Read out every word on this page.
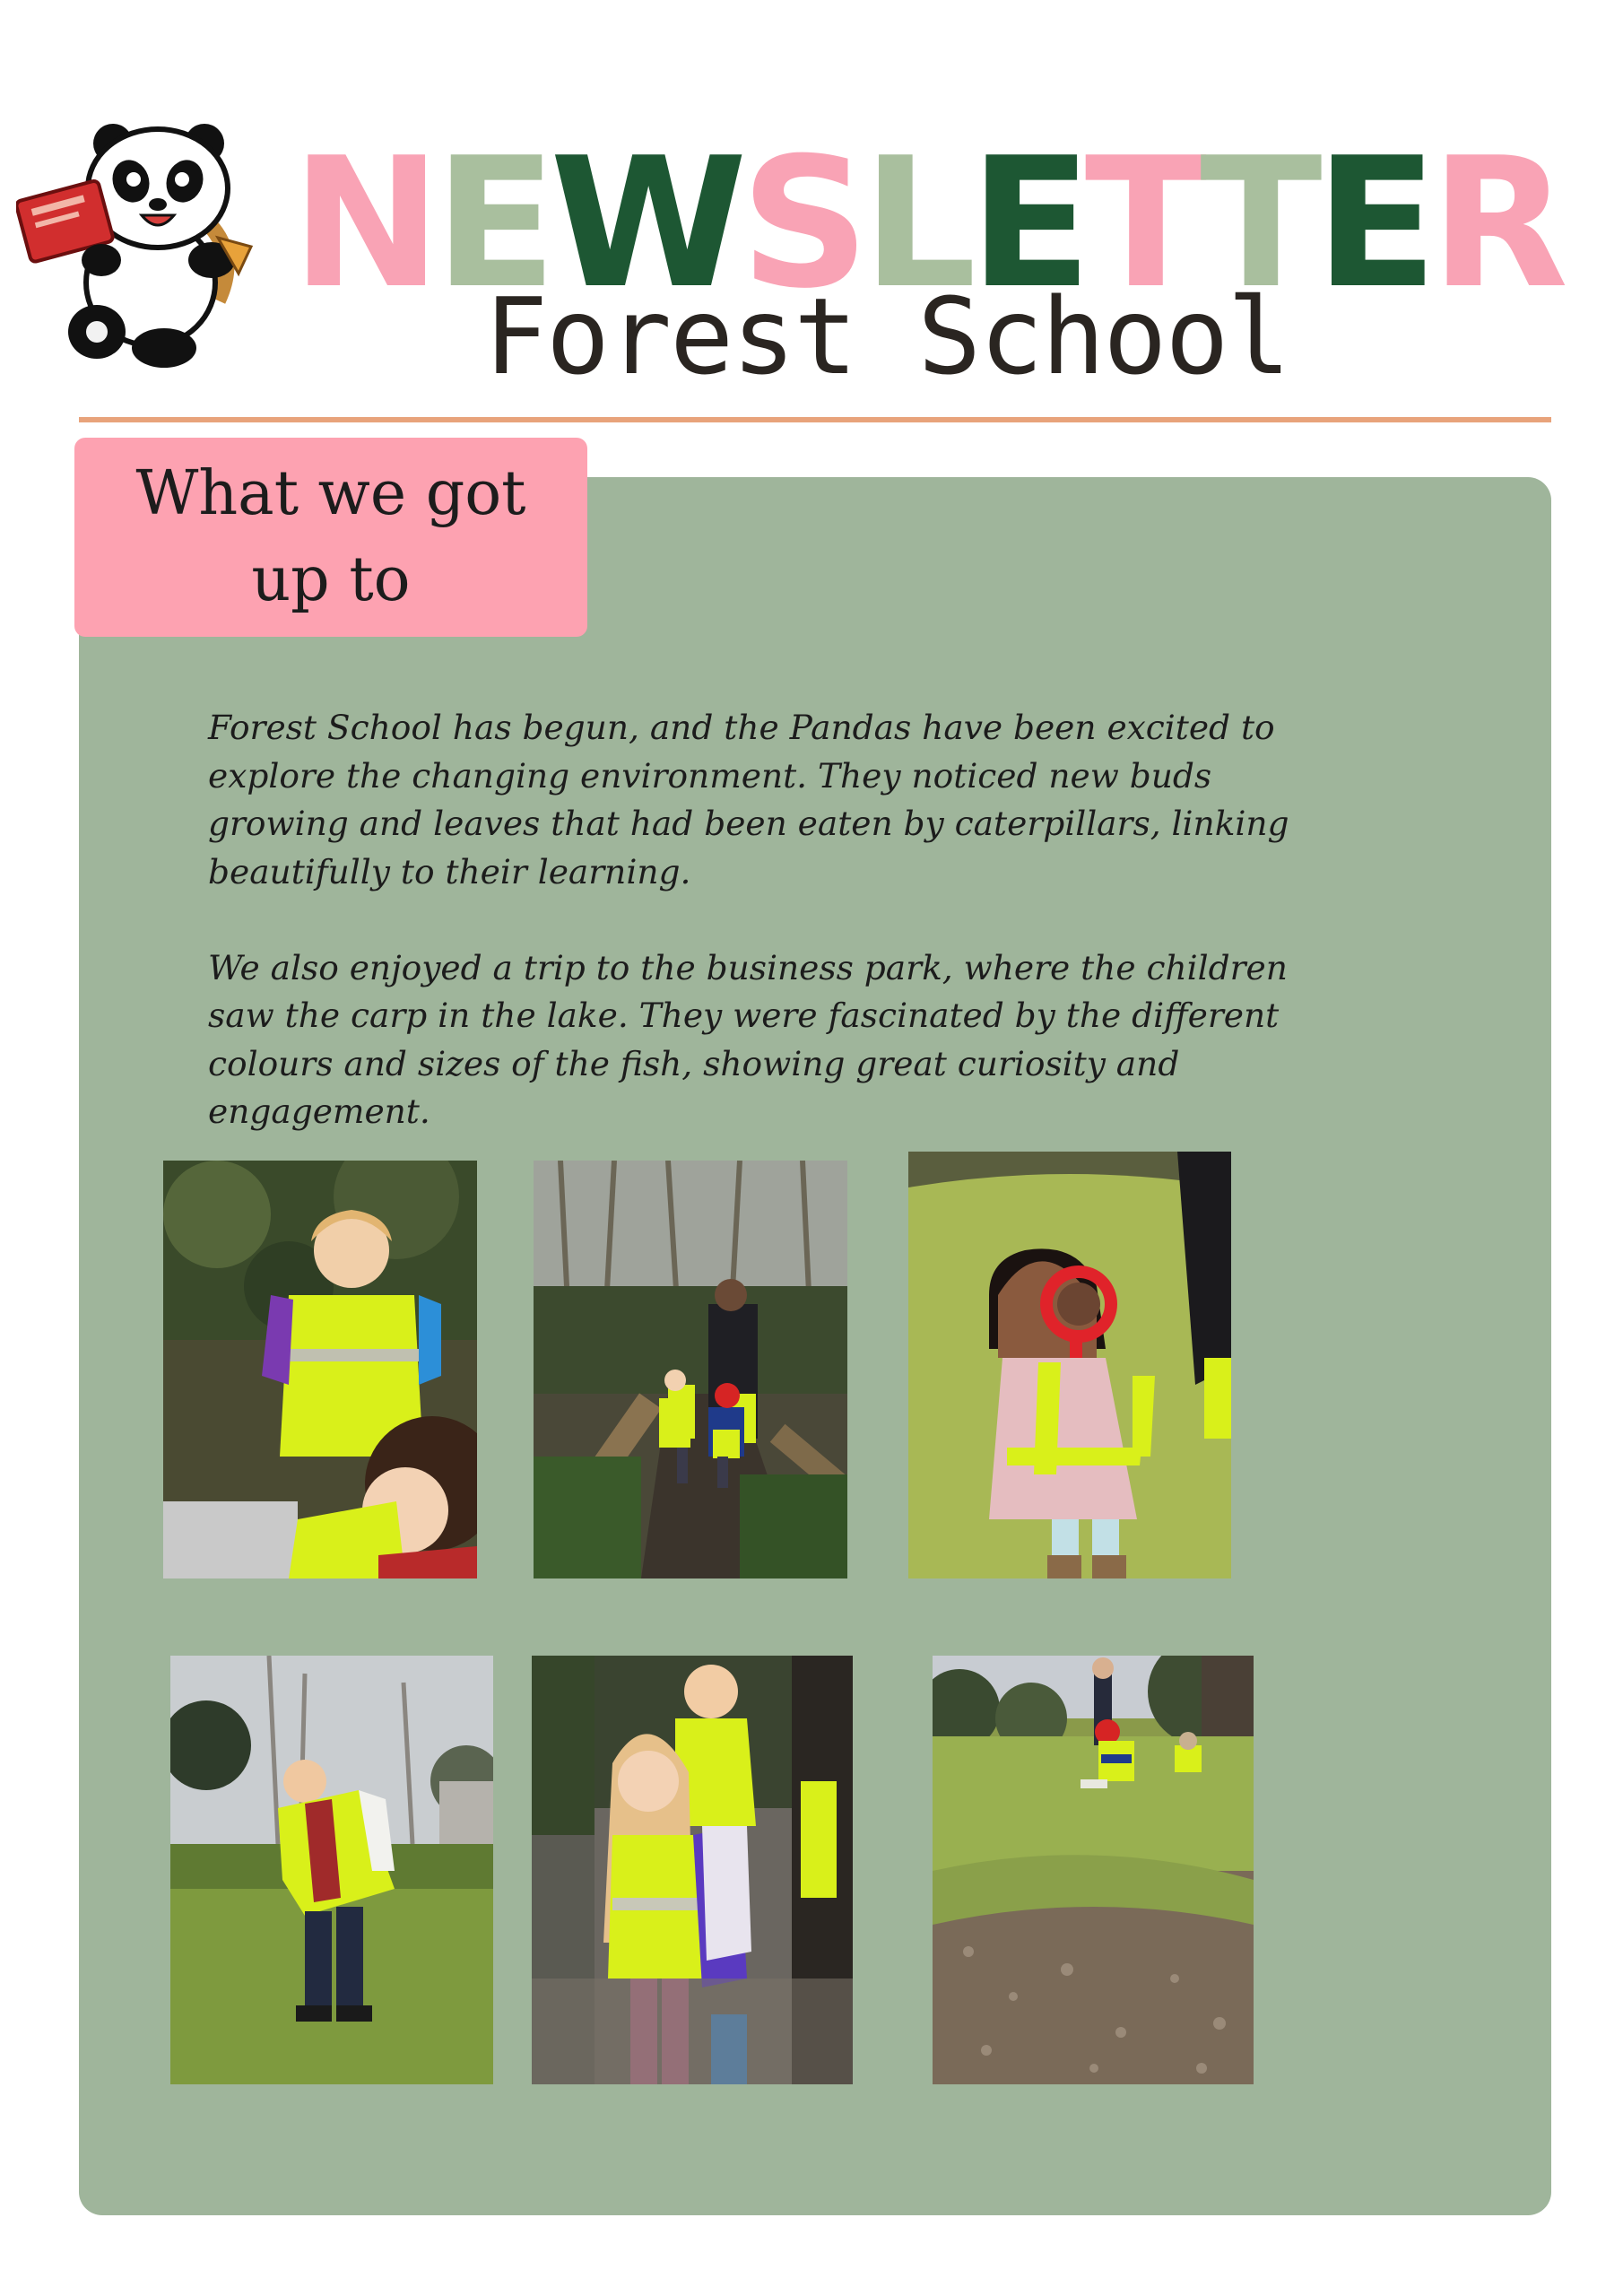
NEWSLETTER
Forest School
What we got
up to

Forest School has begun, and the Pandas have been excited to
explore the changing environment. They noticed new buds
growing and leaves that had been eaten by caterpillars, linking
beautifully to their learning.

We also enjoyed a trip to the business park, where the children
saw the carp in the lake. They were fascinated by the different
colours and sizes of the fish, showing great curiosity and
engagement.
